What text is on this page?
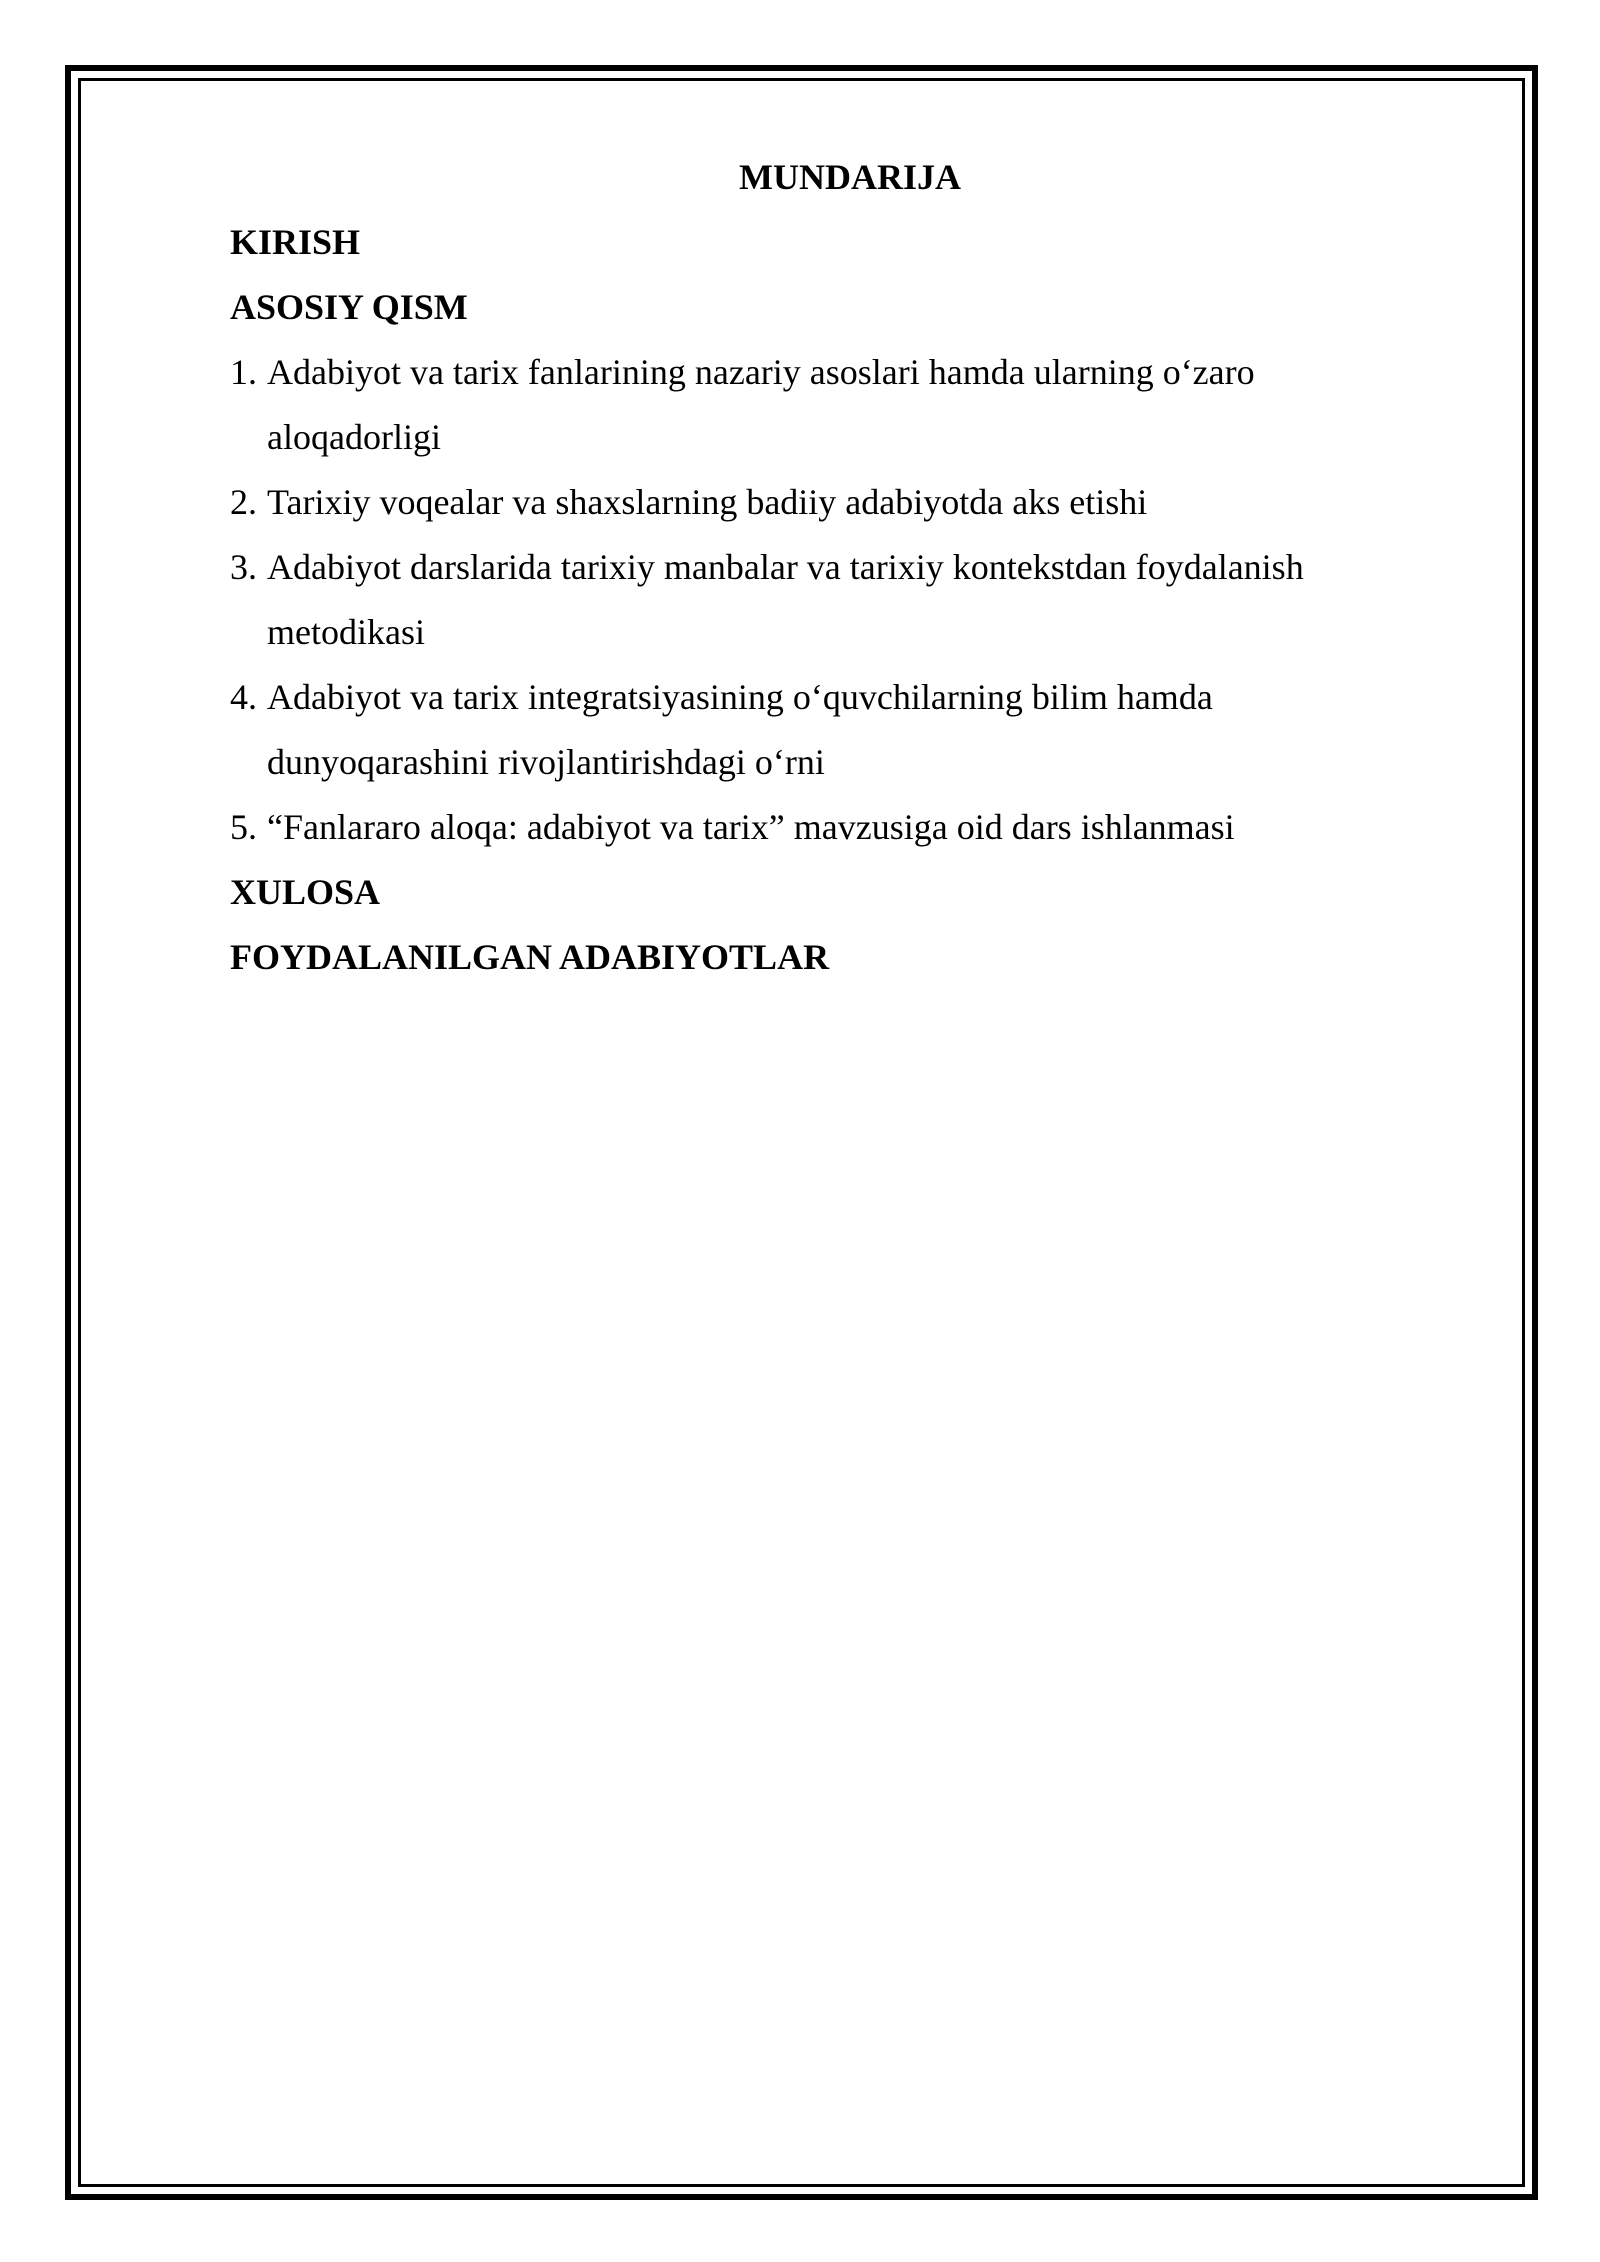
MUNDARIJA
KIRISH
ASOSIY QISM
1. Adabiyot va tarix fanlarining nazariy asoslari hamda ularning o‘zaro aloqadorligi
2. Tarixiy voqealar va shaxslarning badiiy adabiyotda aks etishi
3. Adabiyot darslarida tarixiy manbalar va tarixiy kontekstdan foydalanish metodikasi
4. Adabiyot va tarix integratsiyasining o‘quvchilarning bilim hamda dunyoqarashini rivojlantirishdagi o‘rni
5. “Fanlararo aloqa: adabiyot va tarix” mavzusiga oid dars ishlanmasi
XULOSA
FOYDALANILGAN ADABIYOTLAR
